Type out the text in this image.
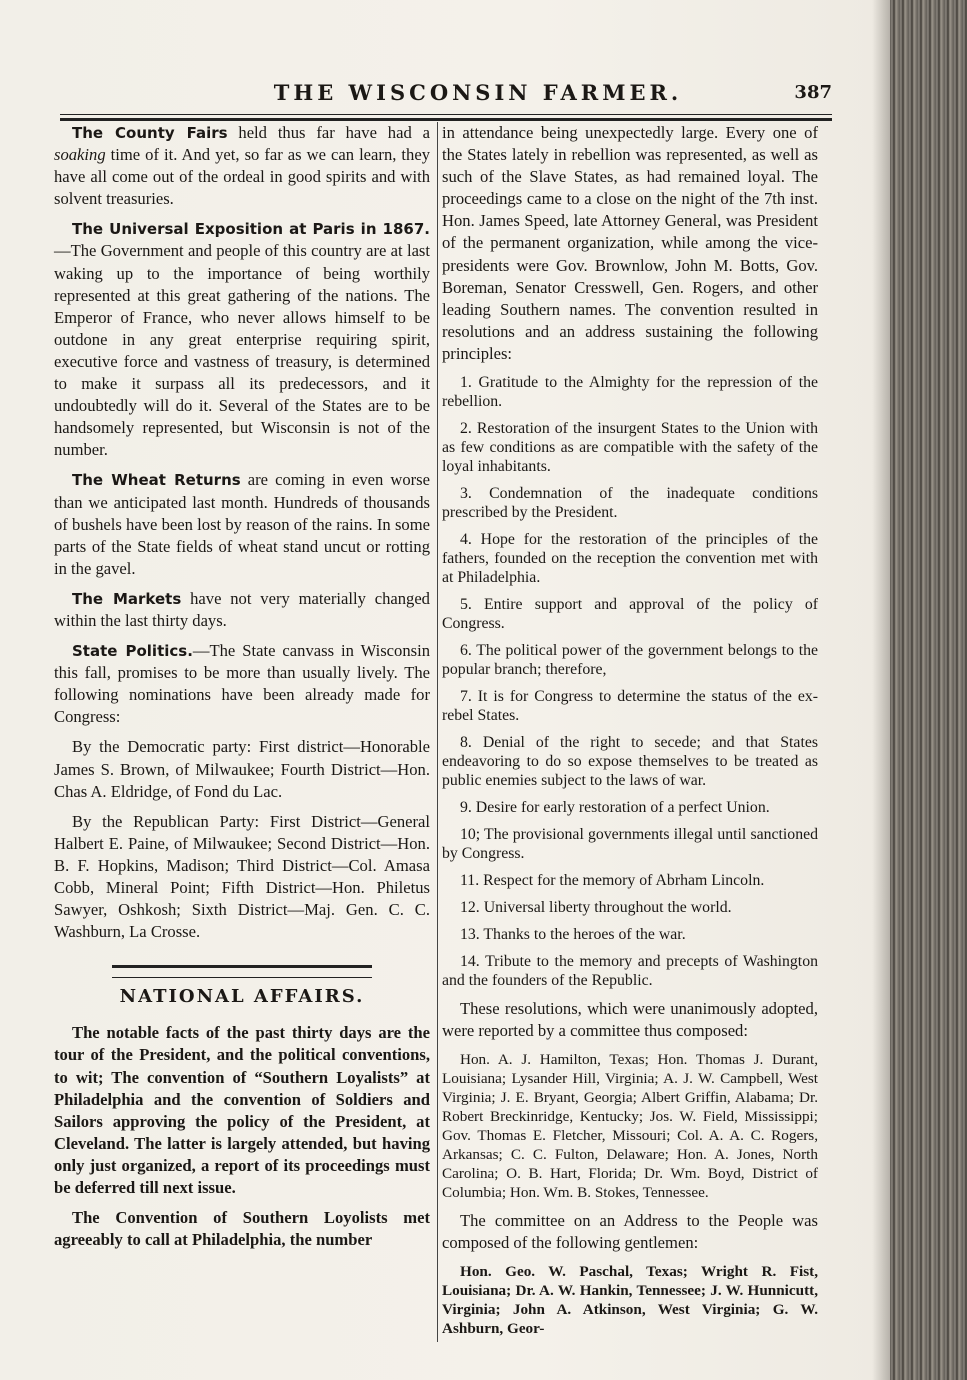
THE WISCONSIN FARMER.	387

The County Fairs held thus far have had a soaking time of it. And yet, so far as we can learn, they have all come out of the ordeal in good spirits and with solvent treasuries.

The Universal Exposition at Paris in 1867.—The Government and people of this country are at last waking up to the importance of being worthily represented at this great gathering of the nations. The Emperor of France, who never allows himself to be outdone in any great enterprise requiring spirit, executive force and vastness of treasury, is determined to make it surpass all its predecessors, and it undoubtedly will do it. Several of the States are to be handsomely represented, but Wisconsin is not of the number.

The Wheat Returns are coming in even worse than we anticipated last month. Hundreds of thousands of bushels have been lost by reason of the rains. In some parts of the State fields of wheat stand uncut or rotting in the gavel.

The Markets have not very materially changed within the last thirty days.

State Politics.—The State canvass in Wisconsin this fall, promises to be more than usually lively. The following nominations have been already made for Congress:

By the Democratic party: First district—Honorable James S. Brown, of Milwaukee; Fourth District—Hon. Chas A. Eldridge, of Fond du Lac.

By the Republican Party: First District—General Halbert E. Paine, of Milwaukee; Second District—Hon. B. F. Hopkins, Madison; Third District—Col. Amasa Cobb, Mineral Point; Fifth District—Hon. Philetus Sawyer, Oshkosh; Sixth District—Maj. Gen. C. C. Washburn, La Crosse.

NATIONAL AFFAIRS.

The notable facts of the past thirty days are the tour of the President, and the political conventions, to wit; The convention of “Southern Loyalists” at Philadelphia and the convention of Soldiers and Sailors approving the policy of the President, at Cleveland. The latter is largely attended, but having only just organized, a report of its proceedings must be deferred till next issue.

The Convention of Southern Loyolists met agreeably to call at Philadelphia, the number

in attendance being unexpectedly large. Every one of the States lately in rebellion was represented, as well as such of the Slave States, as had remained loyal. The proceedings came to a close on the night of the 7th inst. Hon. James Speed, late Attorney General, was President of the permanent organization, while among the vice-presidents were Gov. Brownlow, John M. Botts, Gov. Boreman, Senator Cresswell, Gen. Rogers, and other leading Southern names. The convention resulted in resolutions and an address sustaining the following principles:

1. Gratitude to the Almighty for the repression of the rebellion.

2. Restoration of the insurgent States to the Union with as few conditions as are compatible with the safety of the loyal inhabitants.

3. Condemnation of the inadequate conditions prescribed by the President.

4. Hope for the restoration of the principles of the fathers, founded on the reception the convention met with at Philadelphia.

5. Entire support and approval of the policy of Congress.

6. The political power of the government belongs to the popular branch; therefore,

7. It is for Congress to determine the status of the ex-rebel States.

8. Denial of the right to secede; and that States endeavoring to do so expose themselves to be treated as public enemies subject to the laws of war.

9. Desire for early restoration of a perfect Union.

10; The provisional governments illegal until sanctioned by Congress.

11. Respect for the memory of Abrham Lincoln.

12. Universal liberty throughout the world.

13. Thanks to the heroes of the war.

14. Tribute to the memory and precepts of Washington and the founders of the Republic.

These resolutions, which were unanimously adopted, were reported by a committee thus composed:

Hon. A. J. Hamilton, Texas; Hon. Thomas J. Durant, Louisiana; Lysander Hill, Virginia; A. J. W. Campbell, West Virginia; J. E. Bryant, Georgia; Albert Griffin, Alabama; Dr. Robert Breckinridge, Kentucky; Jos. W. Field, Mississippi; Gov. Thomas E. Fletcher, Missouri; Col. A. A. C. Rogers, Arkansas; C. C. Fulton, Delaware; Hon. A. Jones, North Carolina; O. B. Hart, Florida; Dr. Wm. Boyd, District of Columbia; Hon. Wm. B. Stokes, Tennessee.

The committee on an Address to the People was composed of the following gentlemen:

Hon. Geo. W. Paschal, Texas; Wright R. Fist, Louisiana; Dr. A. W. Hankin, Tennessee; J. W. Hunnicutt, Virginia; John A. Atkinson, West Virginia; G. W. Ashburn, Geor-
